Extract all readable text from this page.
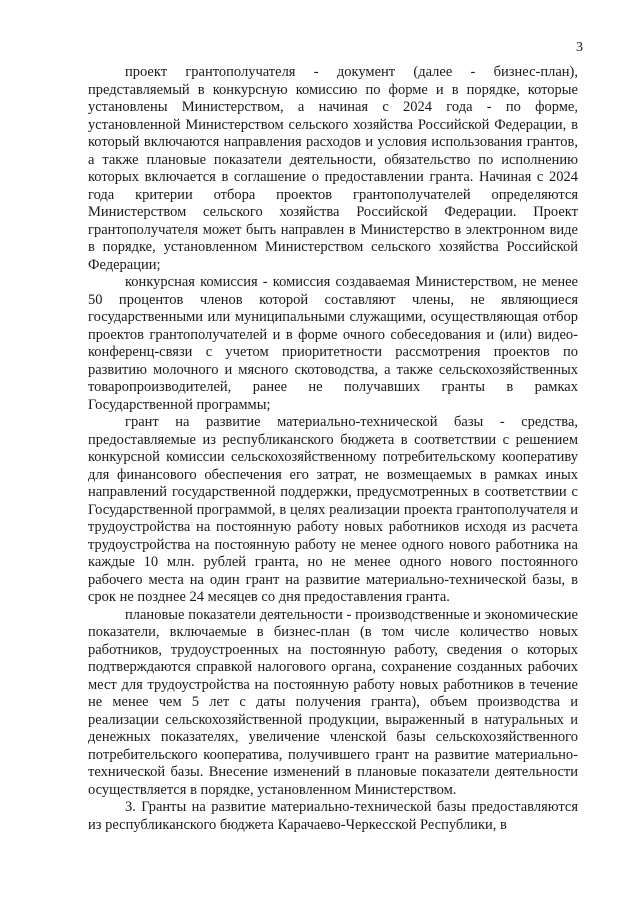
3

проект грантополучателя - документ (далее - бизнес-план), представляемый в конкурсную комиссию по форме и в порядке, которые установлены Министерством, а начиная с 2024 года - по форме, установленной Министерством сельского хозяйства Российской Федерации, в который включаются направления расходов и условия использования грантов, а также плановые показатели деятельности, обязательство по исполнению которых включается в соглашение о предоставлении гранта. Начиная с 2024 года критерии отбора проектов грантополучателей определяются Министерством сельского хозяйства Российской Федерации. Проект грантополучателя может быть направлен в Министерство в электронном виде в порядке, установленном Министерством сельского хозяйства Российской Федерации;

конкурсная комиссия - комиссия создаваемая Министерством, не менее 50 процентов членов которой составляют члены, не являющиеся государственными или муниципальными служащими, осуществляющая отбор проектов грантополучателей и в форме очного собеседования и (или) видео-конференц-связи с учетом приоритетности рассмотрения проектов по развитию молочного и мясного скотоводства, а также сельскохозяйственных товаропроизводителей, ранее не получавших гранты в рамках Государственной программы;

грант на развитие материально-технической базы - средства, предоставляемые из республиканского бюджета в соответствии с решением конкурсной комиссии сельскохозяйственному потребительскому кооперативу для финансового обеспечения его затрат, не возмещаемых в рамках иных направлений государственной поддержки, предусмотренных в соответствии с Государственной программой, в целях реализации проекта грантополучателя и трудоустройства на постоянную работу новых работников исходя из расчета трудоустройства на постоянную работу не менее одного нового работника на каждые 10 млн. рублей гранта, но не менее одного нового постоянного рабочего места на один грант на развитие материально-технической базы, в срок не позднее 24 месяцев со дня предоставления гранта.

плановые показатели деятельности - производственные и экономические показатели, включаемые в бизнес-план (в том числе количество новых работников, трудоустроенных на постоянную работу, сведения о которых подтверждаются справкой налогового органа, сохранение созданных рабочих мест для трудоустройства на постоянную работу новых работников в течение не менее чем 5 лет с даты получения гранта), объем производства и реализации сельскохозяйственной продукции, выраженный в натуральных и денежных показателях, увеличение членской базы сельскохозяйственного потребительского кооператива, получившего грант на развитие материально-технической базы. Внесение изменений в плановые показатели деятельности осуществляется в порядке, установленном Министерством.

3. Гранты на развитие материально-технической базы предоставляются из республиканского бюджета Карачаево-Черкесской Республики, в
